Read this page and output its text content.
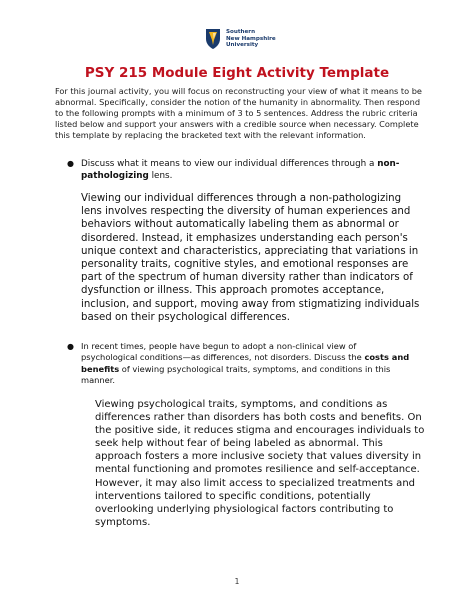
Southern
New Hampshire
University
PSY 215 Module Eight Activity Template

For this journal activity, you will focus on reconstructing your view of what it means to be abnormal. Specifically, consider the notion of the humanity in abnormality. Then respond to the following prompts with a minimum of 3 to 5 sentences. Address the rubric criteria listed below and support your answers with a credible source when necessary. Complete this template by replacing the bracketed text with the relevant information.

● Discuss what it means to view our individual differences through a non-pathologizing lens.

Viewing our individual differences through a non-pathologizing lens involves respecting the diversity of human experiences and behaviors without automatically labeling them as abnormal or disordered. Instead, it emphasizes understanding each person's unique context and characteristics, appreciating that variations in personality traits, cognitive styles, and emotional responses are part of the spectrum of human diversity rather than indicators of dysfunction or illness. This approach promotes acceptance, inclusion, and support, moving away from stigmatizing individuals based on their psychological differences.

● In recent times, people have begun to adopt a non-clinical view of psychological conditions—as differences, not disorders. Discuss the costs and benefits of viewing psychological traits, symptoms, and conditions in this manner.

Viewing psychological traits, symptoms, and conditions as differences rather than disorders has both costs and benefits. On the positive side, it reduces stigma and encourages individuals to seek help without fear of being labeled as abnormal. This approach fosters a more inclusive society that values diversity in mental functioning and promotes resilience and self-acceptance. However, it may also limit access to specialized treatments and interventions tailored to specific conditions, potentially overlooking underlying physiological factors contributing to symptoms.

1
